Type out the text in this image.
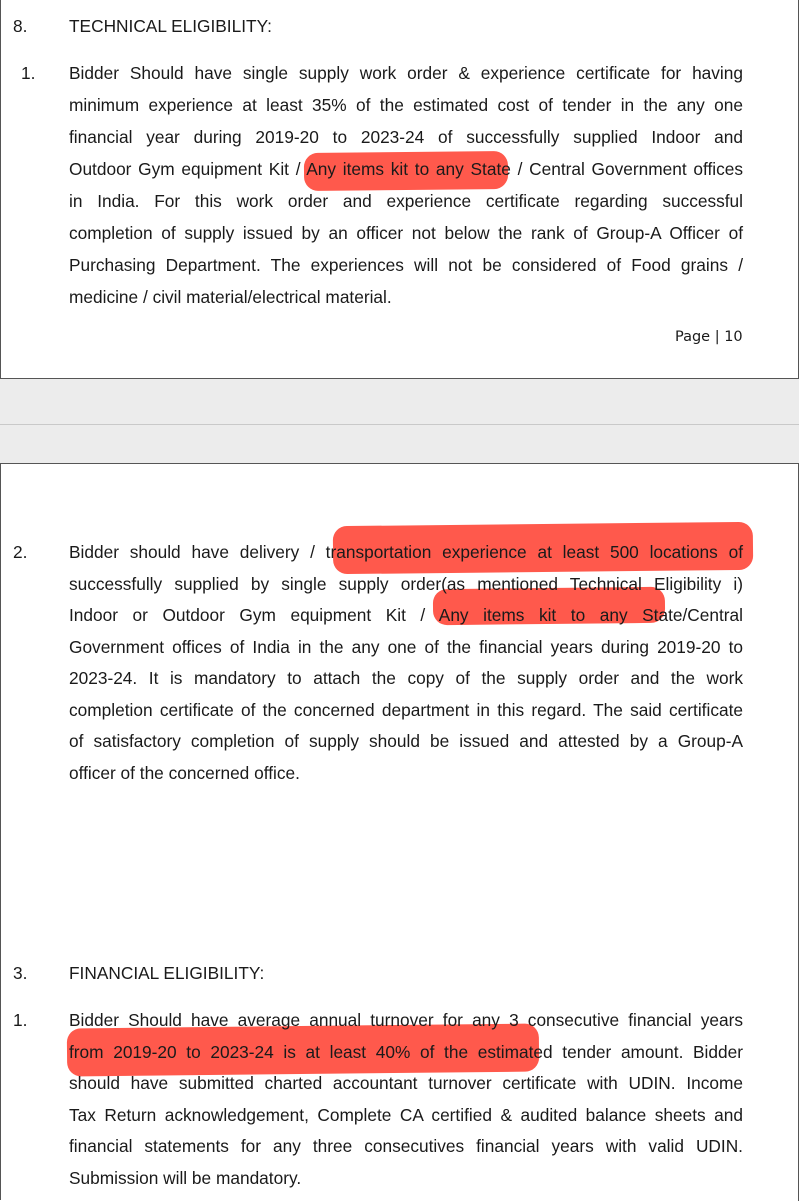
8. TECHNICAL ELIGIBILITY:
1. Bidder Should have single supply work order & experience certificate for having
minimum experience at least 35% of the estimated cost of tender in the any one
financial year during 2019-20 to 2023-24 of successfully supplied Indoor and
Outdoor Gym equipment Kit / Any items kit to any State / Central Government offices
in India. For this work order and experience certificate regarding successful
completion of supply issued by an officer not below the rank of Group-A Officer of
Purchasing Department. The experiences will not be considered of Food grains /
medicine / civil material/electrical material.
Page | 10
2. Bidder should have delivery / transportation experience at least 500 locations of
successfully supplied by single supply order(as mentioned Technical Eligibility i)
Indoor or Outdoor Gym equipment Kit / Any items kit to any State/Central
Government offices of India in the any one of the financial years during 2019-20 to
2023-24. It is mandatory to attach the copy of the supply order and the work
completion certificate of the concerned department in this regard. The said certificate
of satisfactory completion of supply should be issued and attested by a Group-A
officer of the concerned office.
3. FINANCIAL ELIGIBILITY:
1. Bidder Should have average annual turnover for any 3 consecutive financial years
from 2019-20 to 2023-24 is at least 40% of the estimated tender amount. Bidder
should have submitted charted accountant turnover certificate with UDIN. Income
Tax Return acknowledgement, Complete CA certified & audited balance sheets and
financial statements for any three consecutives financial years with valid UDIN.
Submission will be mandatory.
